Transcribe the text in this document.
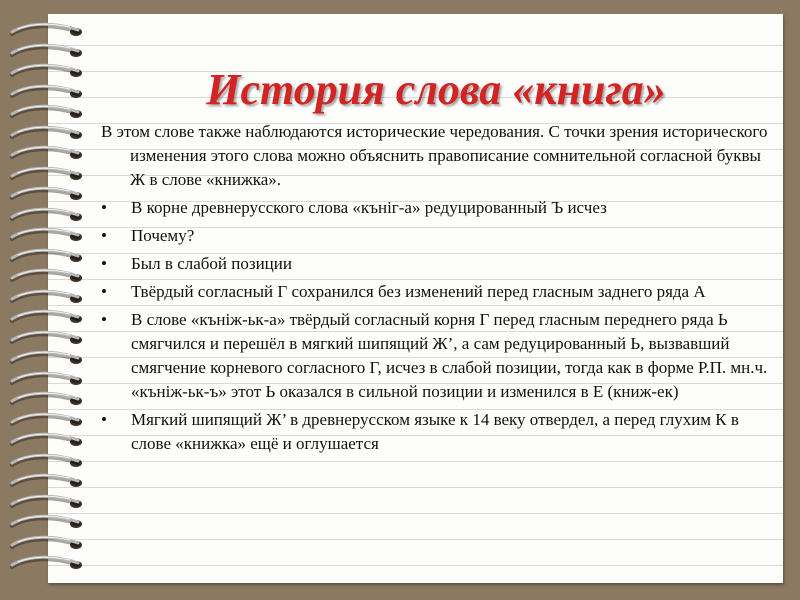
История слова «книга»

В этом слове также наблюдаются исторические чередования. С точки зрения исторического изменения этого слова можно объяснить правописание сомнительной согласной буквы Ж в слове «книжка».

• В корне древнерусского слова «кънiг-а» редуцированный Ъ исчез
• Почему?
• Был в слабой позиции
• Твёрдый согласный Г сохранился без изменений перед гласным заднего ряда А
• В слове «кънiж-ьк-а» твёрдый согласный корня Г перед гласным переднего ряда Ь смягчился и перешёл в мягкий шипящий Ж’, а сам редуцированный Ь, вызвавший смягчение корневого согласного Г, исчез в слабой позиции, тогда как в форме Р.П. мн.ч. «кънiж-ьк-ъ» этот Ь оказался в сильной позиции и изменился в Е (книж-ек)
• Мягкий шипящий Ж’ в древнерусском языке к 14 веку отвердел, а перед глухим К в слове «книжка» ещё и оглушается
